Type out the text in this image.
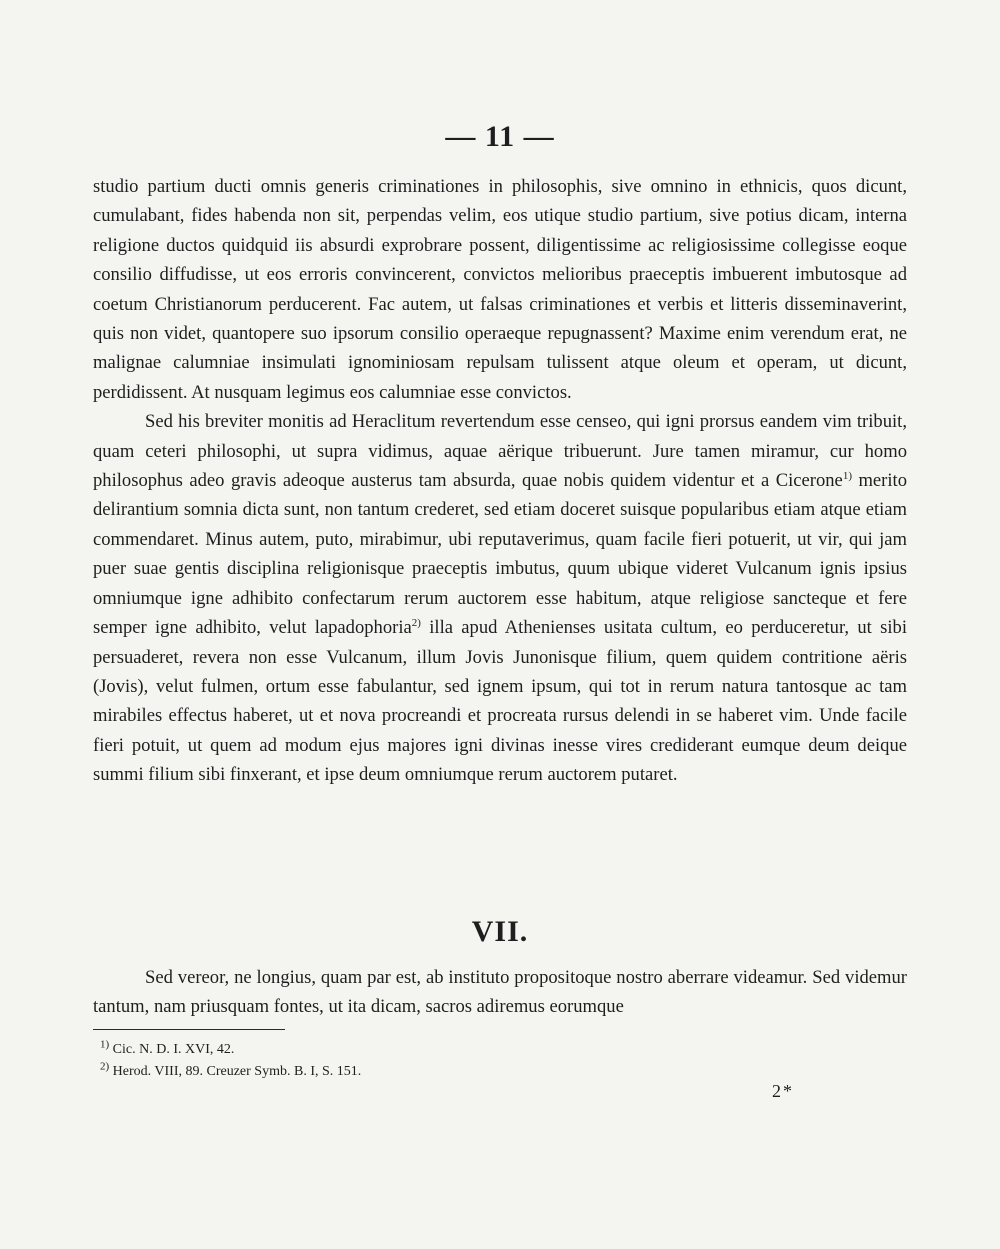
— 11 —

studio partium ducti omnis generis criminationes in philosophis, sive omnino in ethnicis, quos dicunt, cumulabant, fides habenda non sit, perpendas velim, eos utique studio partium, sive potius dicam, interna religione ductos quidquid iis absurdi exprobrare possent, diligentissime ac religiosissime collegisse eoque consilio diffudisse, ut eos erroris convincerent, convictos melioribus praeceptis imbuerent imbutosque ad coetum Christianorum perducerent. Fac autem, ut falsas criminationes et verbis et litteris disseminaverint, quis non videt, quantopere suo ipsorum consilio operaeque repugnassent? Maxime enim verendum erat, ne malignae calumniae insimulati ignominiosam repulsam tulissent atque oleum et operam, ut dicunt, perdidissent. At nusquam legimus eos calumniae esse convictos.

Sed his breviter monitis ad Heraclitum revertendum esse censeo, qui igni prorsus eandem vim tribuit, quam ceteri philosophi, ut supra vidimus, aquae aërique tribuerunt. Jure tamen miramur, cur homo philosophus adeo gravis adeoque austerus tam absurda, quae nobis quidem videntur et a Cicerone$^{1)}$ merito delirantium somnia dicta sunt, non tantum crederet, sed etiam doceret suisque popularibus etiam atque etiam commendaret. Minus autem, puto, mirabimur, ubi reputaverimus, quam facile fieri potuerit, ut vir, qui jam puer suae gentis disciplina religionisque praeceptis imbutus, quum ubique videret Vulcanum ignis ipsius omniumque igne adhibito confectarum rerum auctorem esse habitum, atque religiose sancteque et fere semper igne adhibito, velut lapadophoria$^{2)}$ illa apud Athenienses usitata cultum, eo perduceretur, ut sibi persuaderet, revera non esse Vulcanum, illum Jovis Junonisque filium, quem quidem contritione aëris (Jovis), velut fulmen, ortum esse fabulantur, sed ignem ipsum, qui tot in rerum natura tantosque ac tam mirabiles effectus haberet, ut et nova procreandi et procreata rursus delendi in se haberet vim. Unde facile fieri potuit, ut quem ad modum ejus majores igni divinas inesse vires crediderant eumque deum deique summi filium sibi finxerant, et ipse deum omniumque rerum auctorem putaret.

VII.

Sed vereor, ne longius, quam par est, ab instituto propositoque nostro aberrare videamur. Sed videmur tantum, nam priusquam fontes, ut ita dicam, sacros adiremus eorumque

$^{1)}$ Cic. N. D. I. XVI, 42.

$^{2)}$ Herod. VIII, 89. Creuzer Symb. B. I, S. 151.

2*
